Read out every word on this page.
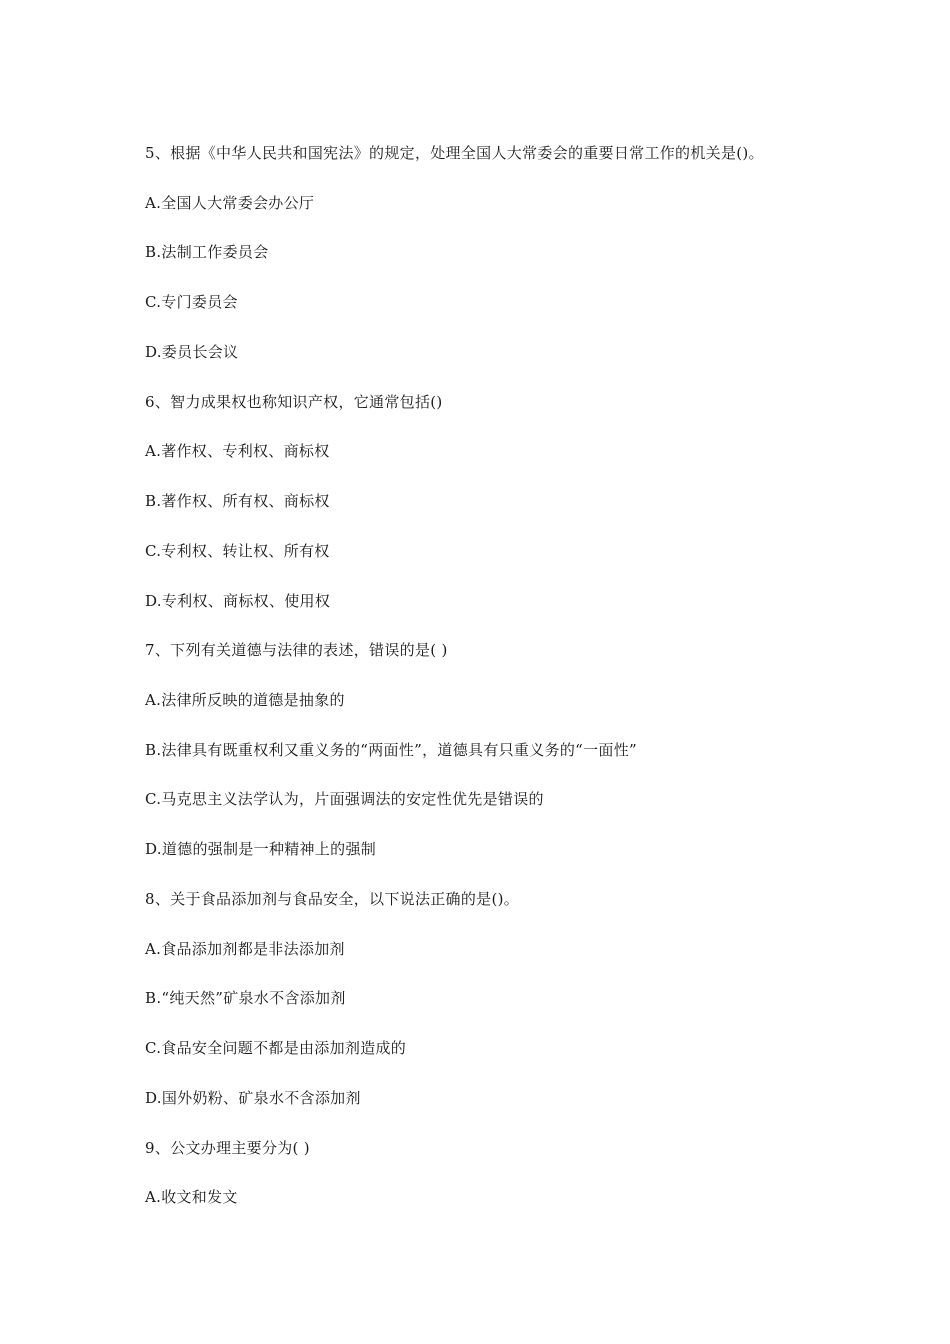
5、根据《中华人民共和国宪法》的规定，处理全国人大常委会的重要日常工作的机关是()。
A.全国人大常委会办公厅
B.法制工作委员会
C.专门委员会
D.委员长会议
6、智力成果权也称知识产权，它通常包括()
A.著作权、专利权、商标权
B.著作权、所有权、商标权
C.专利权、转让权、所有权
D.专利权、商标权、使用权
7、下列有关道德与法律的表述，错误的是( )
A.法律所反映的道德是抽象的
B.法律具有既重权利又重义务的“两面性”，道德具有只重义务的“一面性”
C.马克思主义法学认为，片面强调法的安定性优先是错误的
D.道德的强制是一种精神上的强制
8、关于食品添加剂与食品安全，以下说法正确的是()。
A.食品添加剂都是非法添加剂
B.“纯天然”矿泉水不含添加剂
C.食品安全问题不都是由添加剂造成的
D.国外奶粉、矿泉水不含添加剂
9、公文办理主要分为( )
A.收文和发文
